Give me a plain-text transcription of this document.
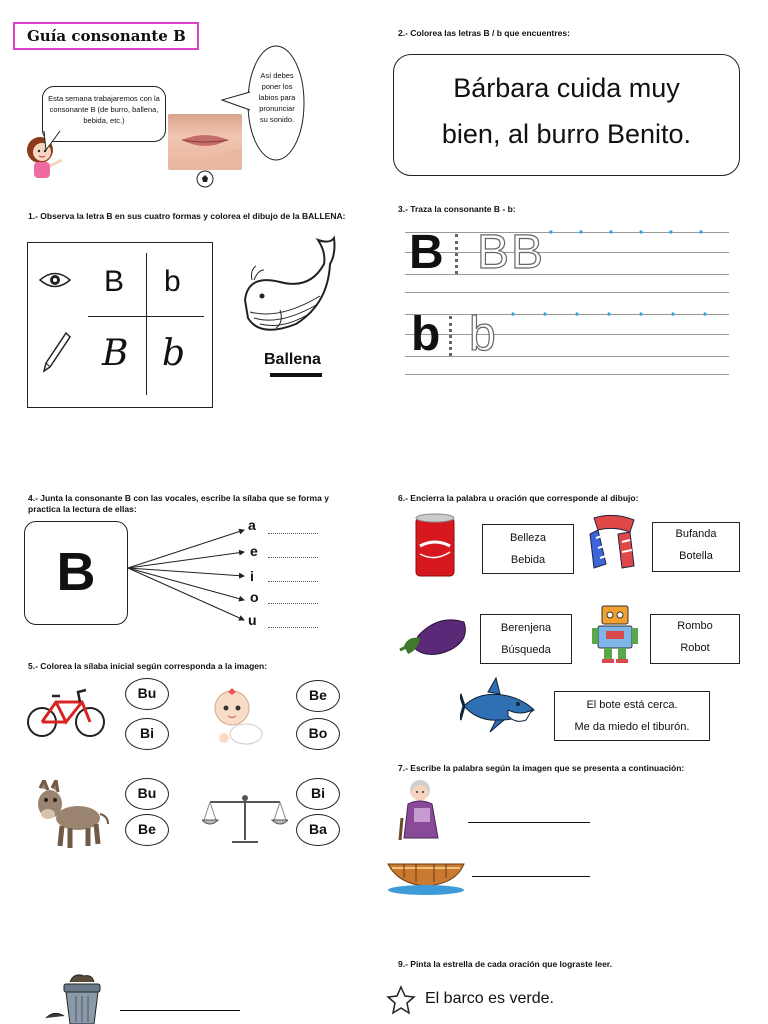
Guía consonante B
Esta semana trabajaremos con la consonante B (de burro, ballena, bebida, etc.)
Así debes poner los labios para pronunciar su sonido.
2.- Colorea las letras B / b que encuentres:
Bárbara cuida muy
bien, al burro Benito.
1.- Observa la letra B en sus cuatro formas y colorea el dibujo de la BALLENA:
B b
B b	Ballena
3.- Traza la consonante B - b:
B B B
b b
4.- Junta la consonante B con las vocales, escribe la sílaba que se forma y practica la lectura de ellas:
B
a
e
i
o
u
5.- Colorea la sílaba inicial según corresponda a la imagen:
Bu
Bi
Be
Bo
Bu
Be
Bi
Ba
6.- Encierra la palabra u oración que corresponde al dibujo:
Belleza
Bebida
Bufanda
Botella
Berenjena
Búsqueda
Rombo
Robot
El bote está cerca.
Me da miedo el tiburón.
7.- Escribe la palabra según la imagen que se presenta a continuación:
9.- Pinta la estrella de cada oración que lograste leer.
El barco es verde.
